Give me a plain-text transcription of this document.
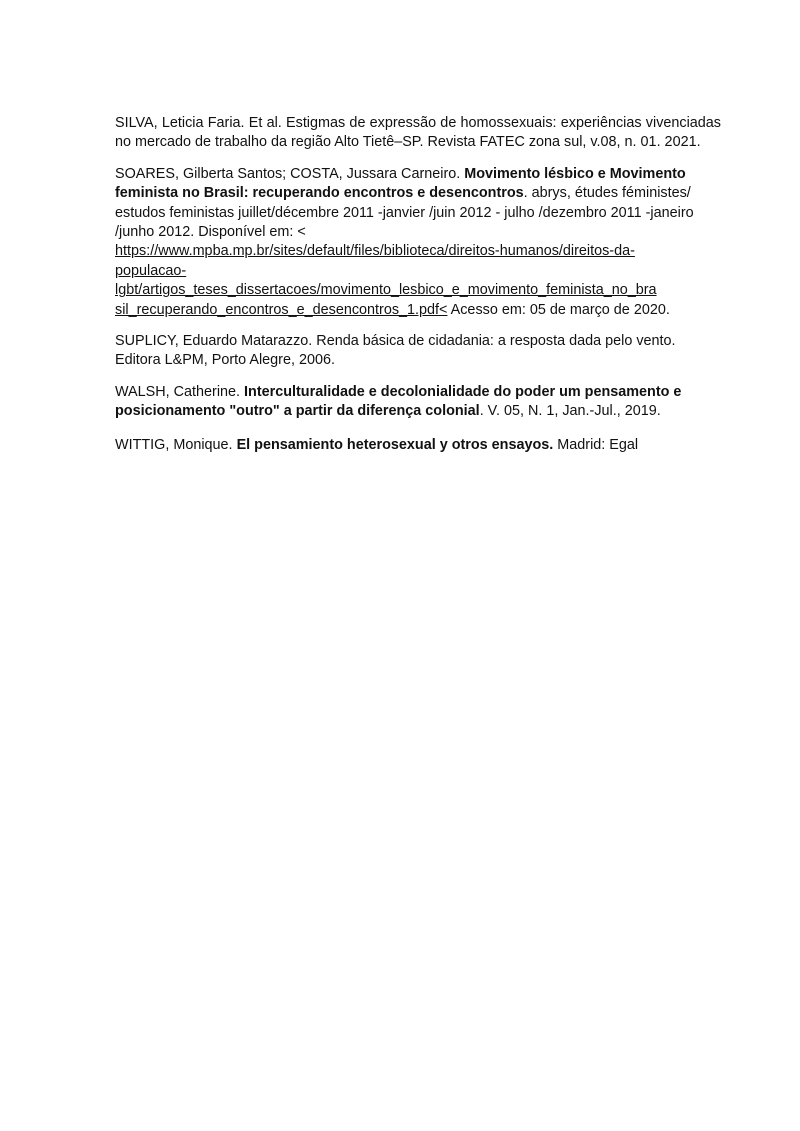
SILVA, Leticia Faria. Et al. Estigmas de expressão de homossexuais: experiências vivenciadas no mercado de trabalho da região Alto Tietê–SP. Revista FATEC zona sul, v.08, n. 01. 2021.

SOARES, Gilberta Santos; COSTA, Jussara Carneiro. Movimento lésbico e Movimento feminista no Brasil: recuperando encontros e desencontros. abrys, études féministes/ estudos feministas juillet/décembre 2011 -janvier /juin 2012 - julho /dezembro 2011 -janeiro /junho 2012. Disponível em: <
https://www.mpba.mp.br/sites/default/files/biblioteca/direitos-humanos/direitos-da-
populacao-
lgbt/artigos_teses_dissertacoes/movimento_lesbico_e_movimento_feminista_no_bra
sil_recuperando_encontros_e_desencontros_1.pdf< Acesso em: 05 de março de 2020.

SUPLICY, Eduardo Matarazzo. Renda básica de cidadania: a resposta dada pelo vento. Editora L&PM, Porto Alegre, 2006.

WALSH, Catherine. Interculturalidade e decolonialidade do poder um pensamento e posicionamento "outro" a partir da diferença colonial. V. 05, N. 1, Jan.-Jul., 2019.

WITTIG, Monique. El pensamiento heterosexual y otros ensayos. Madrid: Egal
